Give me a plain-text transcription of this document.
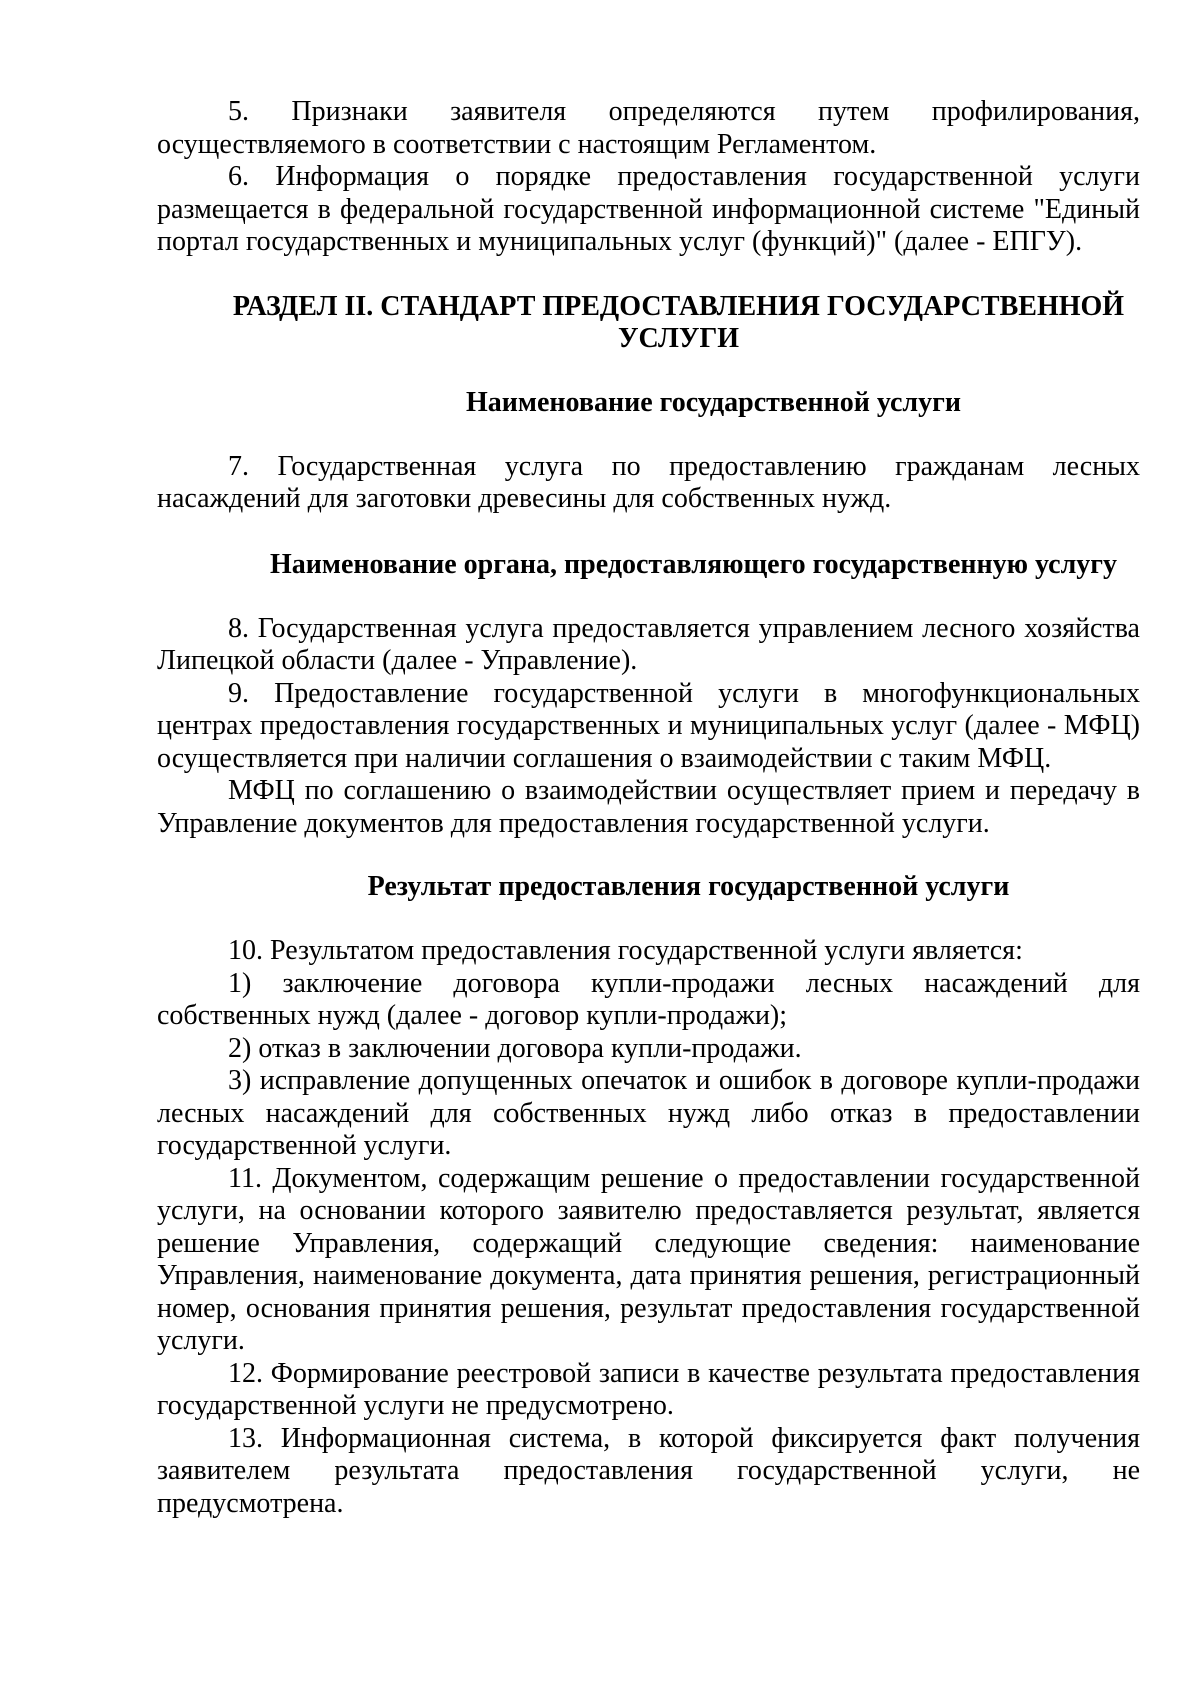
5. Признаки заявителя определяются путем профилирования, осуществляемого в соответствии с настоящим Регламентом.

6. Информация о порядке предоставления государственной услуги размещается в федеральной государственной информационной системе "Единый портал государственных и муниципальных услуг (функций)" (далее - ЕПГУ).

РАЗДЕЛ II. СТАНДАРТ ПРЕДОСТАВЛЕНИЯ ГОСУДАРСТВЕННОЙ УСЛУГИ
Наименование государственной услуги

7. Государственная услуга по предоставлению гражданам лесных насаждений для заготовки древесины для собственных нужд.

Наименование органа, предоставляющего государственную услугу

8. Государственная услуга предоставляется управлением лесного хозяйства Липецкой области (далее - Управление).

9. Предоставление государственной услуги в многофункциональных центрах предоставления государственных и муниципальных услуг (далее - МФЦ) осуществляется при наличии соглашения о взаимодействии с таким МФЦ.

МФЦ по соглашению о взаимодействии осуществляет прием и передачу в Управление документов для предоставления государственной услуги.

Результат предоставления государственной услуги

10. Результатом предоставления государственной услуги является:

1) заключение договора купли-продажи лесных насаждений для собственных нужд (далее - договор купли-продажи);

2) отказ в заключении договора купли-продажи.

3) исправление допущенных опечаток и ошибок в договоре купли-продажи лесных насаждений для собственных нужд либо отказ в предоставлении государственной услуги.

11. Документом, содержащим решение о предоставлении государственной услуги, на основании которого заявителю предоставляется результат, является решение Управления, содержащий следующие сведения: наименование Управления, наименование документа, дата принятия решения, регистрационный номер, основания принятия решения, результат предоставления государственной услуги.

12. Формирование реестровой записи в качестве результата предоставления государственной услуги не предусмотрено.

13. Информационная система, в которой фиксируется факт получения заявителем результата предоставления государственной услуги, не предусмотрена.
